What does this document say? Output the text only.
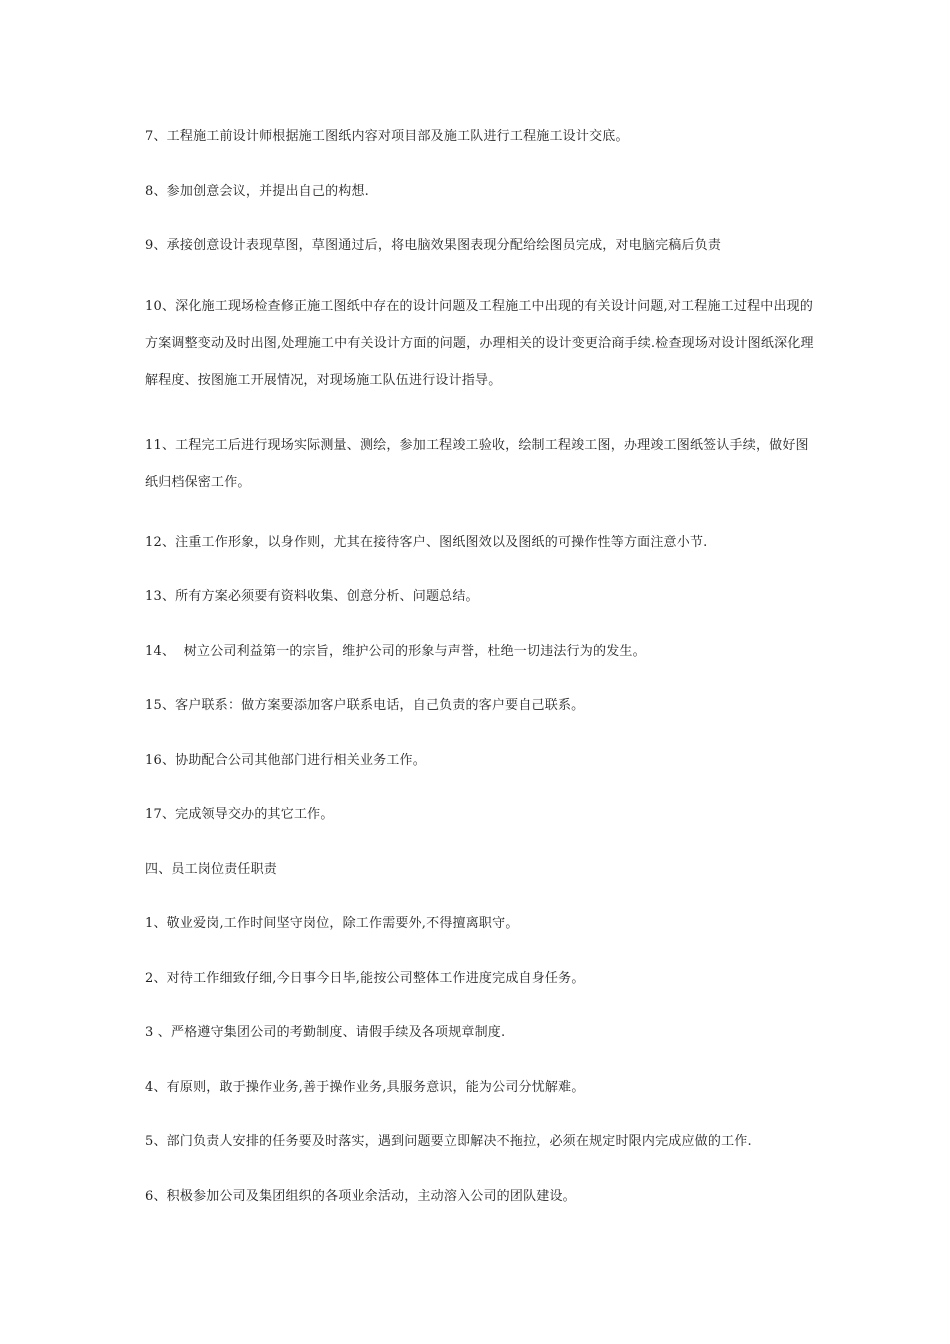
7、工程施工前设计师根据施工图纸内容对项目部及施工队进行工程施工设计交底。

8、参加创意会议，并提出自己的构想.

9、承接创意设计表现草图，草图通过后，将电脑效果图表现分配给绘图员完成，对电脑完稿后负责

10、深化施工现场检查修正施工图纸中存在的设计问题及工程施工中出现的有关设计问题,对工程施工过程中出现的方案调整变动及时出图,处理施工中有关设计方面的问题，办理相关的设计变更洽商手续.检查现场对设计图纸深化理解程度、按图施工开展情况，对现场施工队伍进行设计指导。

11、工程完工后进行现场实际测量、测绘，参加工程竣工验收，绘制工程竣工图，办理竣工图纸签认手续，做好图纸归档保密工作。

12、注重工作形象，以身作则，尤其在接待客户、图纸图效以及图纸的可操作性等方面注意小节.

13、所有方案必须要有资料收集、创意分析、问题总结。

14、  树立公司利益第一的宗旨，维护公司的形象与声誉，杜绝一切违法行为的发生。

15、客户联系：做方案要添加客户联系电话，自己负责的客户要自己联系。

16、协助配合公司其他部门进行相关业务工作。

17、完成领导交办的其它工作。

四、员工岗位责任职责

1、敬业爱岗,工作时间坚守岗位，除工作需要外,不得擅离职守。

2、对待工作细致仔细,今日事今日毕,能按公司整体工作进度完成自身任务。

3 、严格遵守集团公司的考勤制度、请假手续及各项规章制度.

4、有原则，敢于操作业务,善于操作业务,具服务意识，能为公司分忧解难。

5、部门负责人安排的任务要及时落实，遇到问题要立即解决不拖拉，必须在规定时限内完成应做的工作.

6、积极参加公司及集团组织的各项业余活动，主动溶入公司的团队建设。
